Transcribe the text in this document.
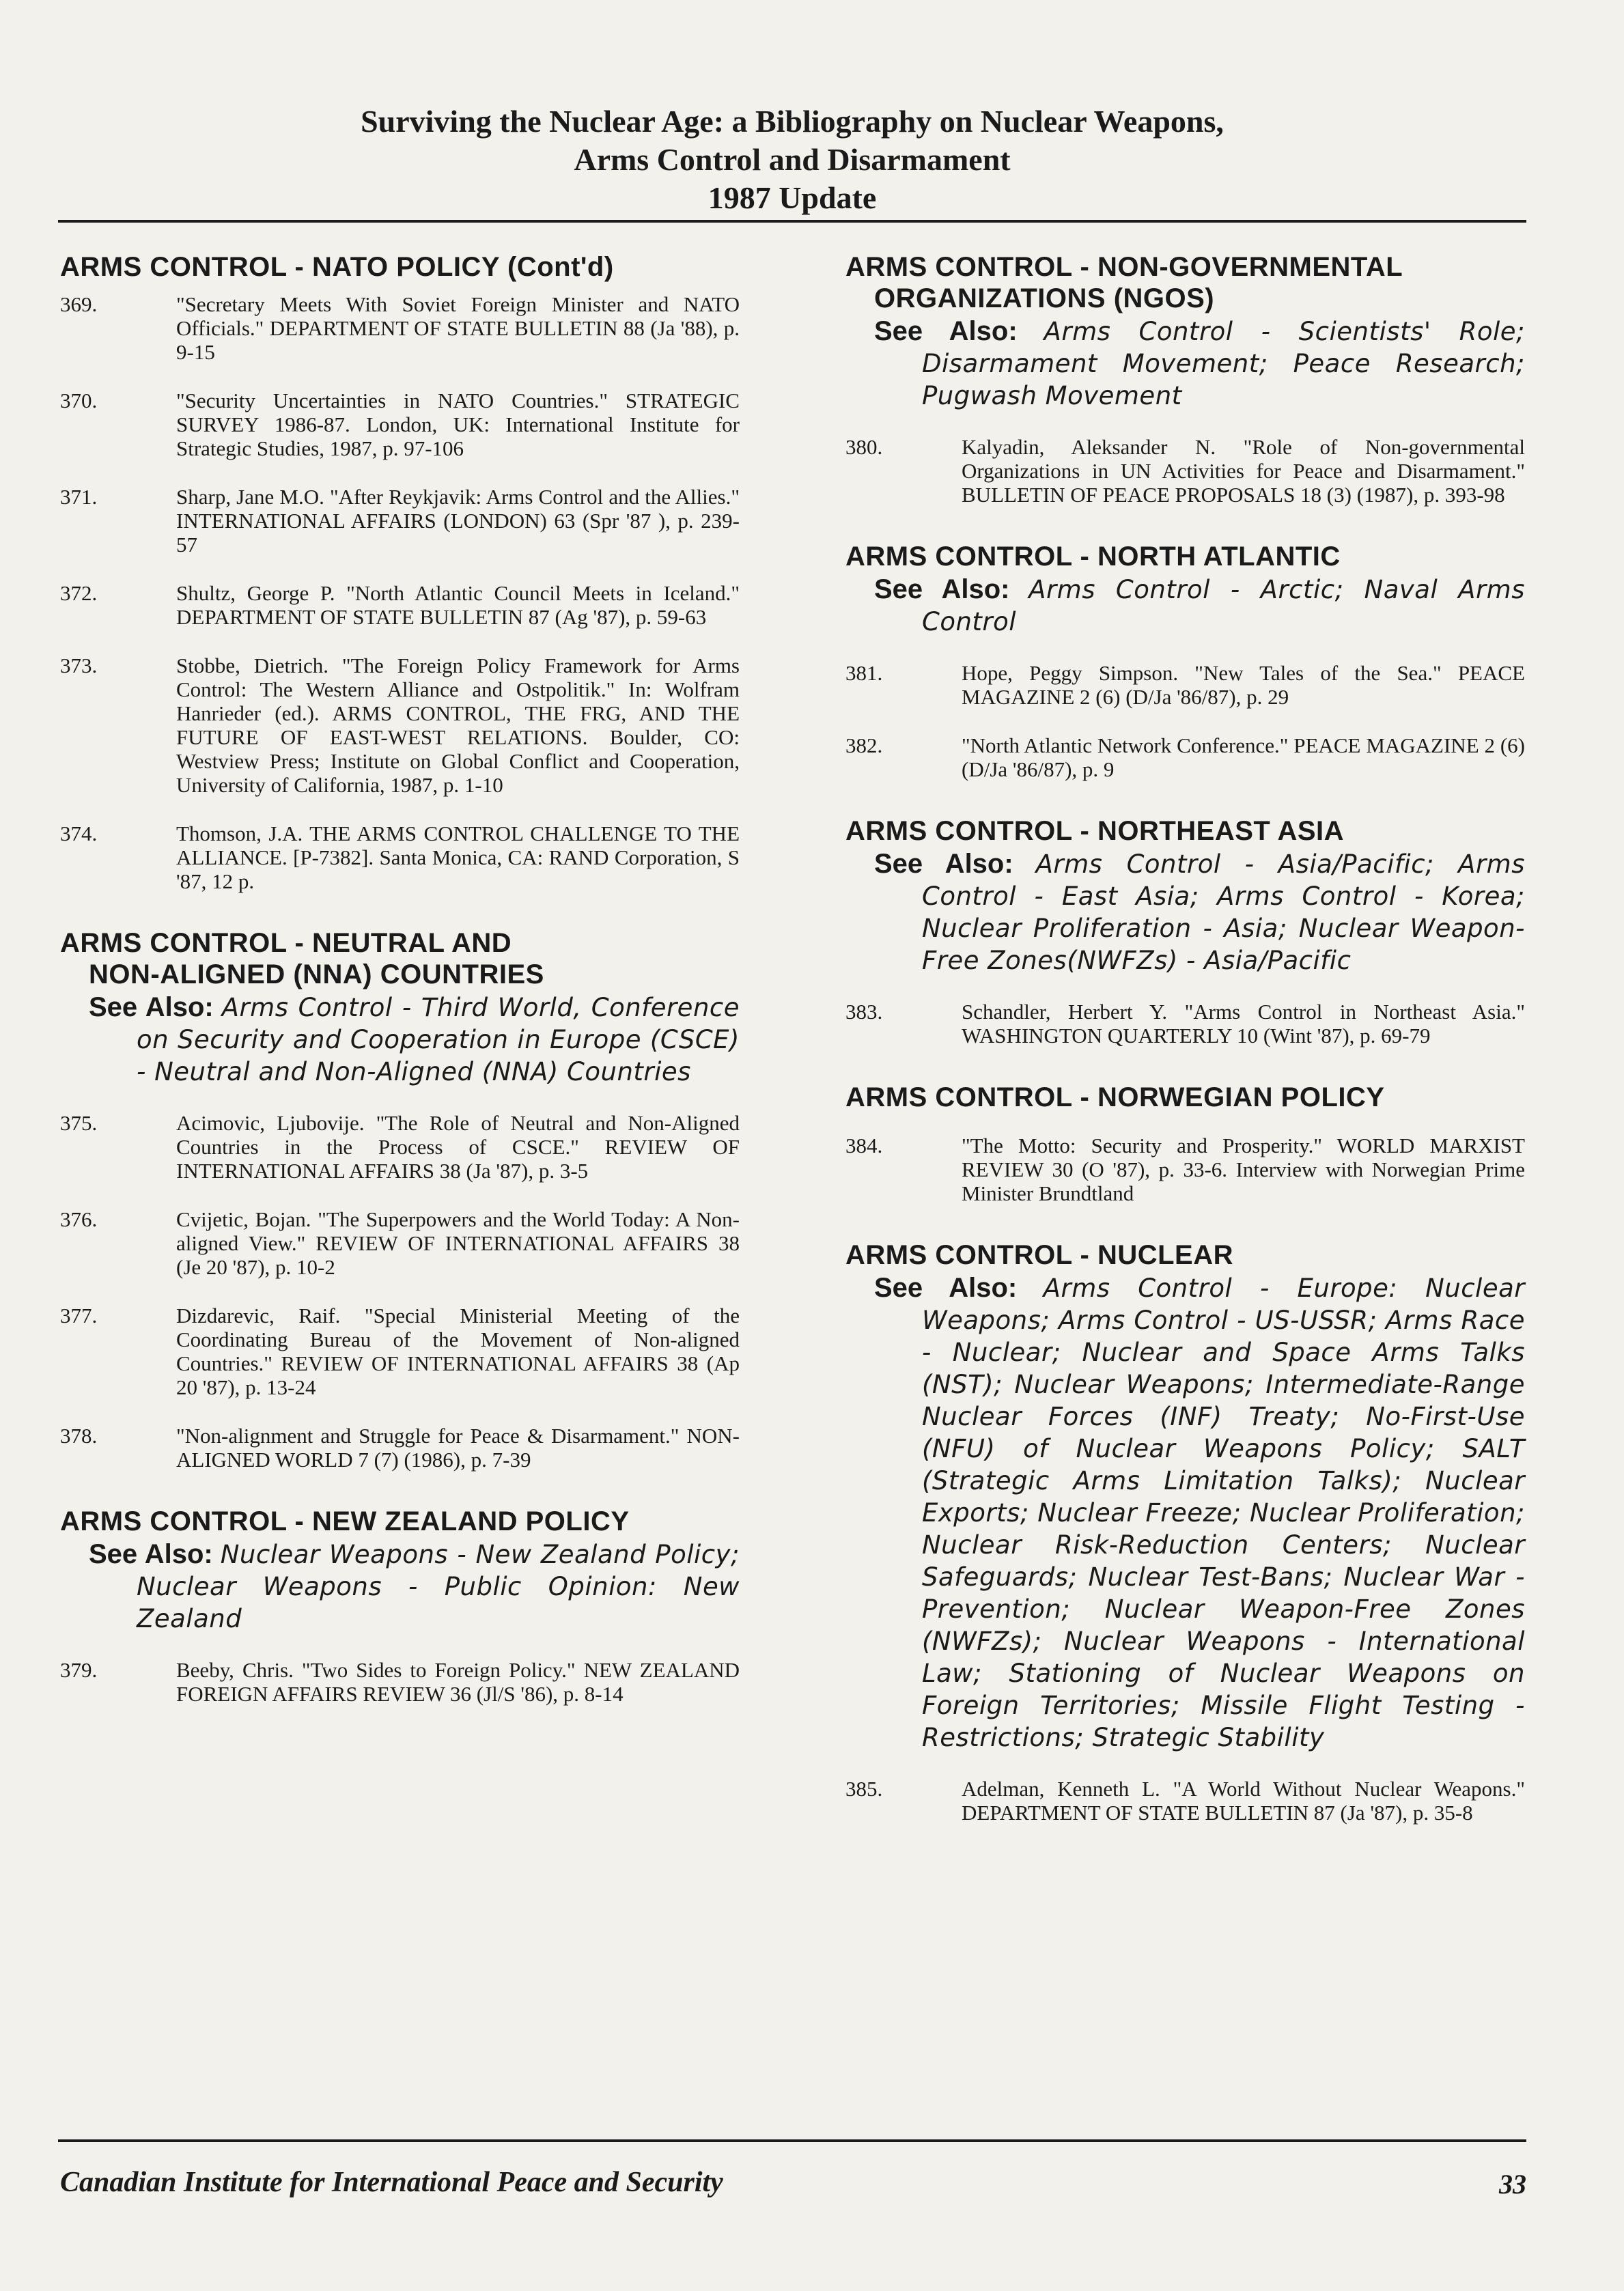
Surviving the Nuclear Age: a Bibliography on Nuclear Weapons,
Arms Control and Disarmament
1987 Update
ARMS CONTROL - NATO POLICY (Cont'd)
369.	"Secretary Meets With Soviet Foreign Minister and NATO Officials." DEPARTMENT OF STATE BULLETIN 88 (Ja '88), p. 9-15
370.	"Security Uncertainties in NATO Countries." STRATEGIC SURVEY 1986-87. London, UK: International Institute for Strategic Studies, 1987, p. 97-106
371.	Sharp, Jane M.O. "After Reykjavik: Arms Control and the Allies." INTERNATIONAL AFFAIRS (LONDON) 63 (Spr '87 ), p. 239-57
372.	Shultz, George P. "North Atlantic Council Meets in Iceland." DEPARTMENT OF STATE BULLETIN 87 (Ag '87), p. 59-63
373.	Stobbe, Dietrich. "The Foreign Policy Framework for Arms Control: The Western Alliance and Ostpolitik." In: Wolfram Hanrieder (ed.). ARMS CONTROL, THE FRG, AND THE FUTURE OF EAST-WEST RELATIONS. Boulder, CO: Westview Press; Institute on Global Conflict and Cooperation, University of California, 1987, p. 1-10
374.	Thomson, J.A. THE ARMS CONTROL CHALLENGE TO THE ALLIANCE. [P-7382]. Santa Monica, CA: RAND Corporation, S '87, 12 p.
ARMS CONTROL - NEUTRAL AND
NON-ALIGNED (NNA) COUNTRIES
See Also: Arms Control - Third World, Conference on Security and Cooperation in Europe (CSCE) - Neutral and Non-Aligned (NNA) Countries
375.	Acimovic, Ljubovije. "The Role of Neutral and Non-Aligned Countries in the Process of CSCE." REVIEW OF INTERNATIONAL AFFAIRS 38 (Ja '87), p. 3-5
376.	Cvijetic, Bojan. "The Superpowers and the World Today: A Non-aligned View." REVIEW OF INTERNATIONAL AFFAIRS 38 (Je 20 '87), p. 10-2
377.	Dizdarevic, Raif. "Special Ministerial Meeting of the Coordinating Bureau of the Movement of Non-aligned Countries." REVIEW OF INTERNATIONAL AFFAIRS 38 (Ap 20 '87), p. 13-24
378.	"Non-alignment and Struggle for Peace & Disarmament." NON-ALIGNED WORLD 7 (7) (1986), p. 7-39
ARMS CONTROL - NEW ZEALAND POLICY
See Also: Nuclear Weapons - New Zealand Policy; Nuclear Weapons - Public Opinion: New Zealand
379.	Beeby, Chris. "Two Sides to Foreign Policy." NEW ZEALAND FOREIGN AFFAIRS REVIEW 36 (Jl/S '86), p. 8-14
ARMS CONTROL - NON-GOVERNMENTAL
ORGANIZATIONS (NGOS)
See Also: Arms Control - Scientists' Role; Disarmament Movement; Peace Research; Pugwash Movement
380.	Kalyadin, Aleksander N. "Role of Non-governmental Organizations in UN Activities for Peace and Disarmament." BULLETIN OF PEACE PROPOSALS 18 (3) (1987), p. 393-98
ARMS CONTROL - NORTH ATLANTIC
See Also: Arms Control - Arctic; Naval Arms Control
381.	Hope, Peggy Simpson. "New Tales of the Sea." PEACE MAGAZINE 2 (6) (D/Ja '86/87), p. 29
382.	"North Atlantic Network Conference." PEACE MAGAZINE 2 (6) (D/Ja '86/87), p. 9
ARMS CONTROL - NORTHEAST ASIA
See Also: Arms Control - Asia/Pacific; Arms Control - East Asia; Arms Control - Korea; Nuclear Proliferation - Asia; Nuclear Weapon-Free Zones(NWFZs) - Asia/Pacific
383.	Schandler, Herbert Y. "Arms Control in Northeast Asia." WASHINGTON QUARTERLY 10 (Wint '87), p. 69-79
ARMS CONTROL - NORWEGIAN POLICY
384.	"The Motto: Security and Prosperity." WORLD MARXIST REVIEW 30 (O '87), p. 33-6. Interview with Norwegian Prime Minister Brundtland
ARMS CONTROL - NUCLEAR
See Also: Arms Control - Europe: Nuclear Weapons; Arms Control - US-USSR; Arms Race - Nuclear; Nuclear and Space Arms Talks (NST); Nuclear Weapons; Intermediate-Range Nuclear Forces (INF) Treaty; No-First-Use (NFU) of Nuclear Weapons Policy; SALT (Strategic Arms Limitation Talks); Nuclear Exports; Nuclear Freeze; Nuclear Proliferation; Nuclear Risk-Reduction Centers; Nuclear Safeguards; Nuclear Test-Bans; Nuclear War - Prevention; Nuclear Weapon-Free Zones (NWFZs); Nuclear Weapons - International Law; Stationing of Nuclear Weapons on Foreign Territories; Missile Flight Testing - Restrictions; Strategic Stability
385.	Adelman, Kenneth L. "A World Without Nuclear Weapons." DEPARTMENT OF STATE BULLETIN 87 (Ja '87), p. 35-8
Canadian Institute for International Peace and Security	33
